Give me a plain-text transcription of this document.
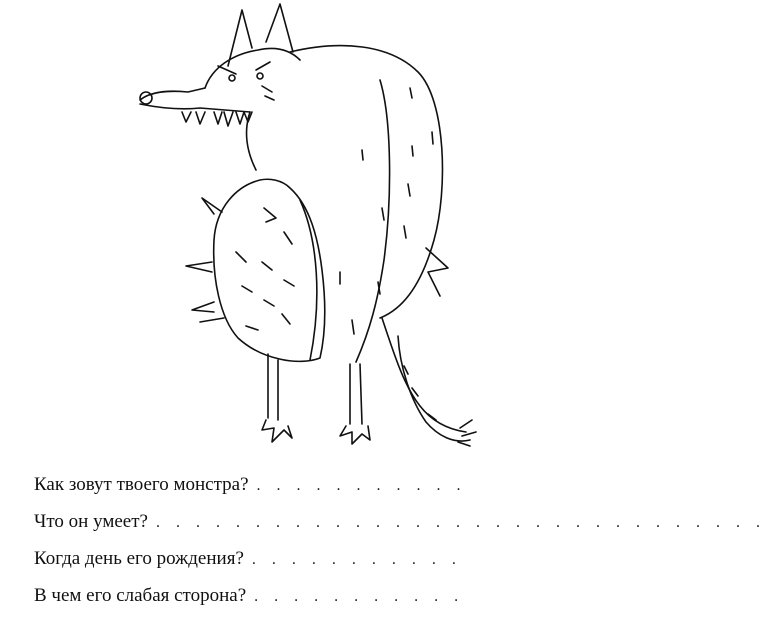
Как зовут твоего монстра? . . . . . . . . . . .
Что он умеет? . . . . . . . . . . . . . . . . . . . . . . . . . . . . . . .
Когда день его рождения? . . . . . . . . . . .
В чем его слабая сторона? . . . . . . . . . . .
